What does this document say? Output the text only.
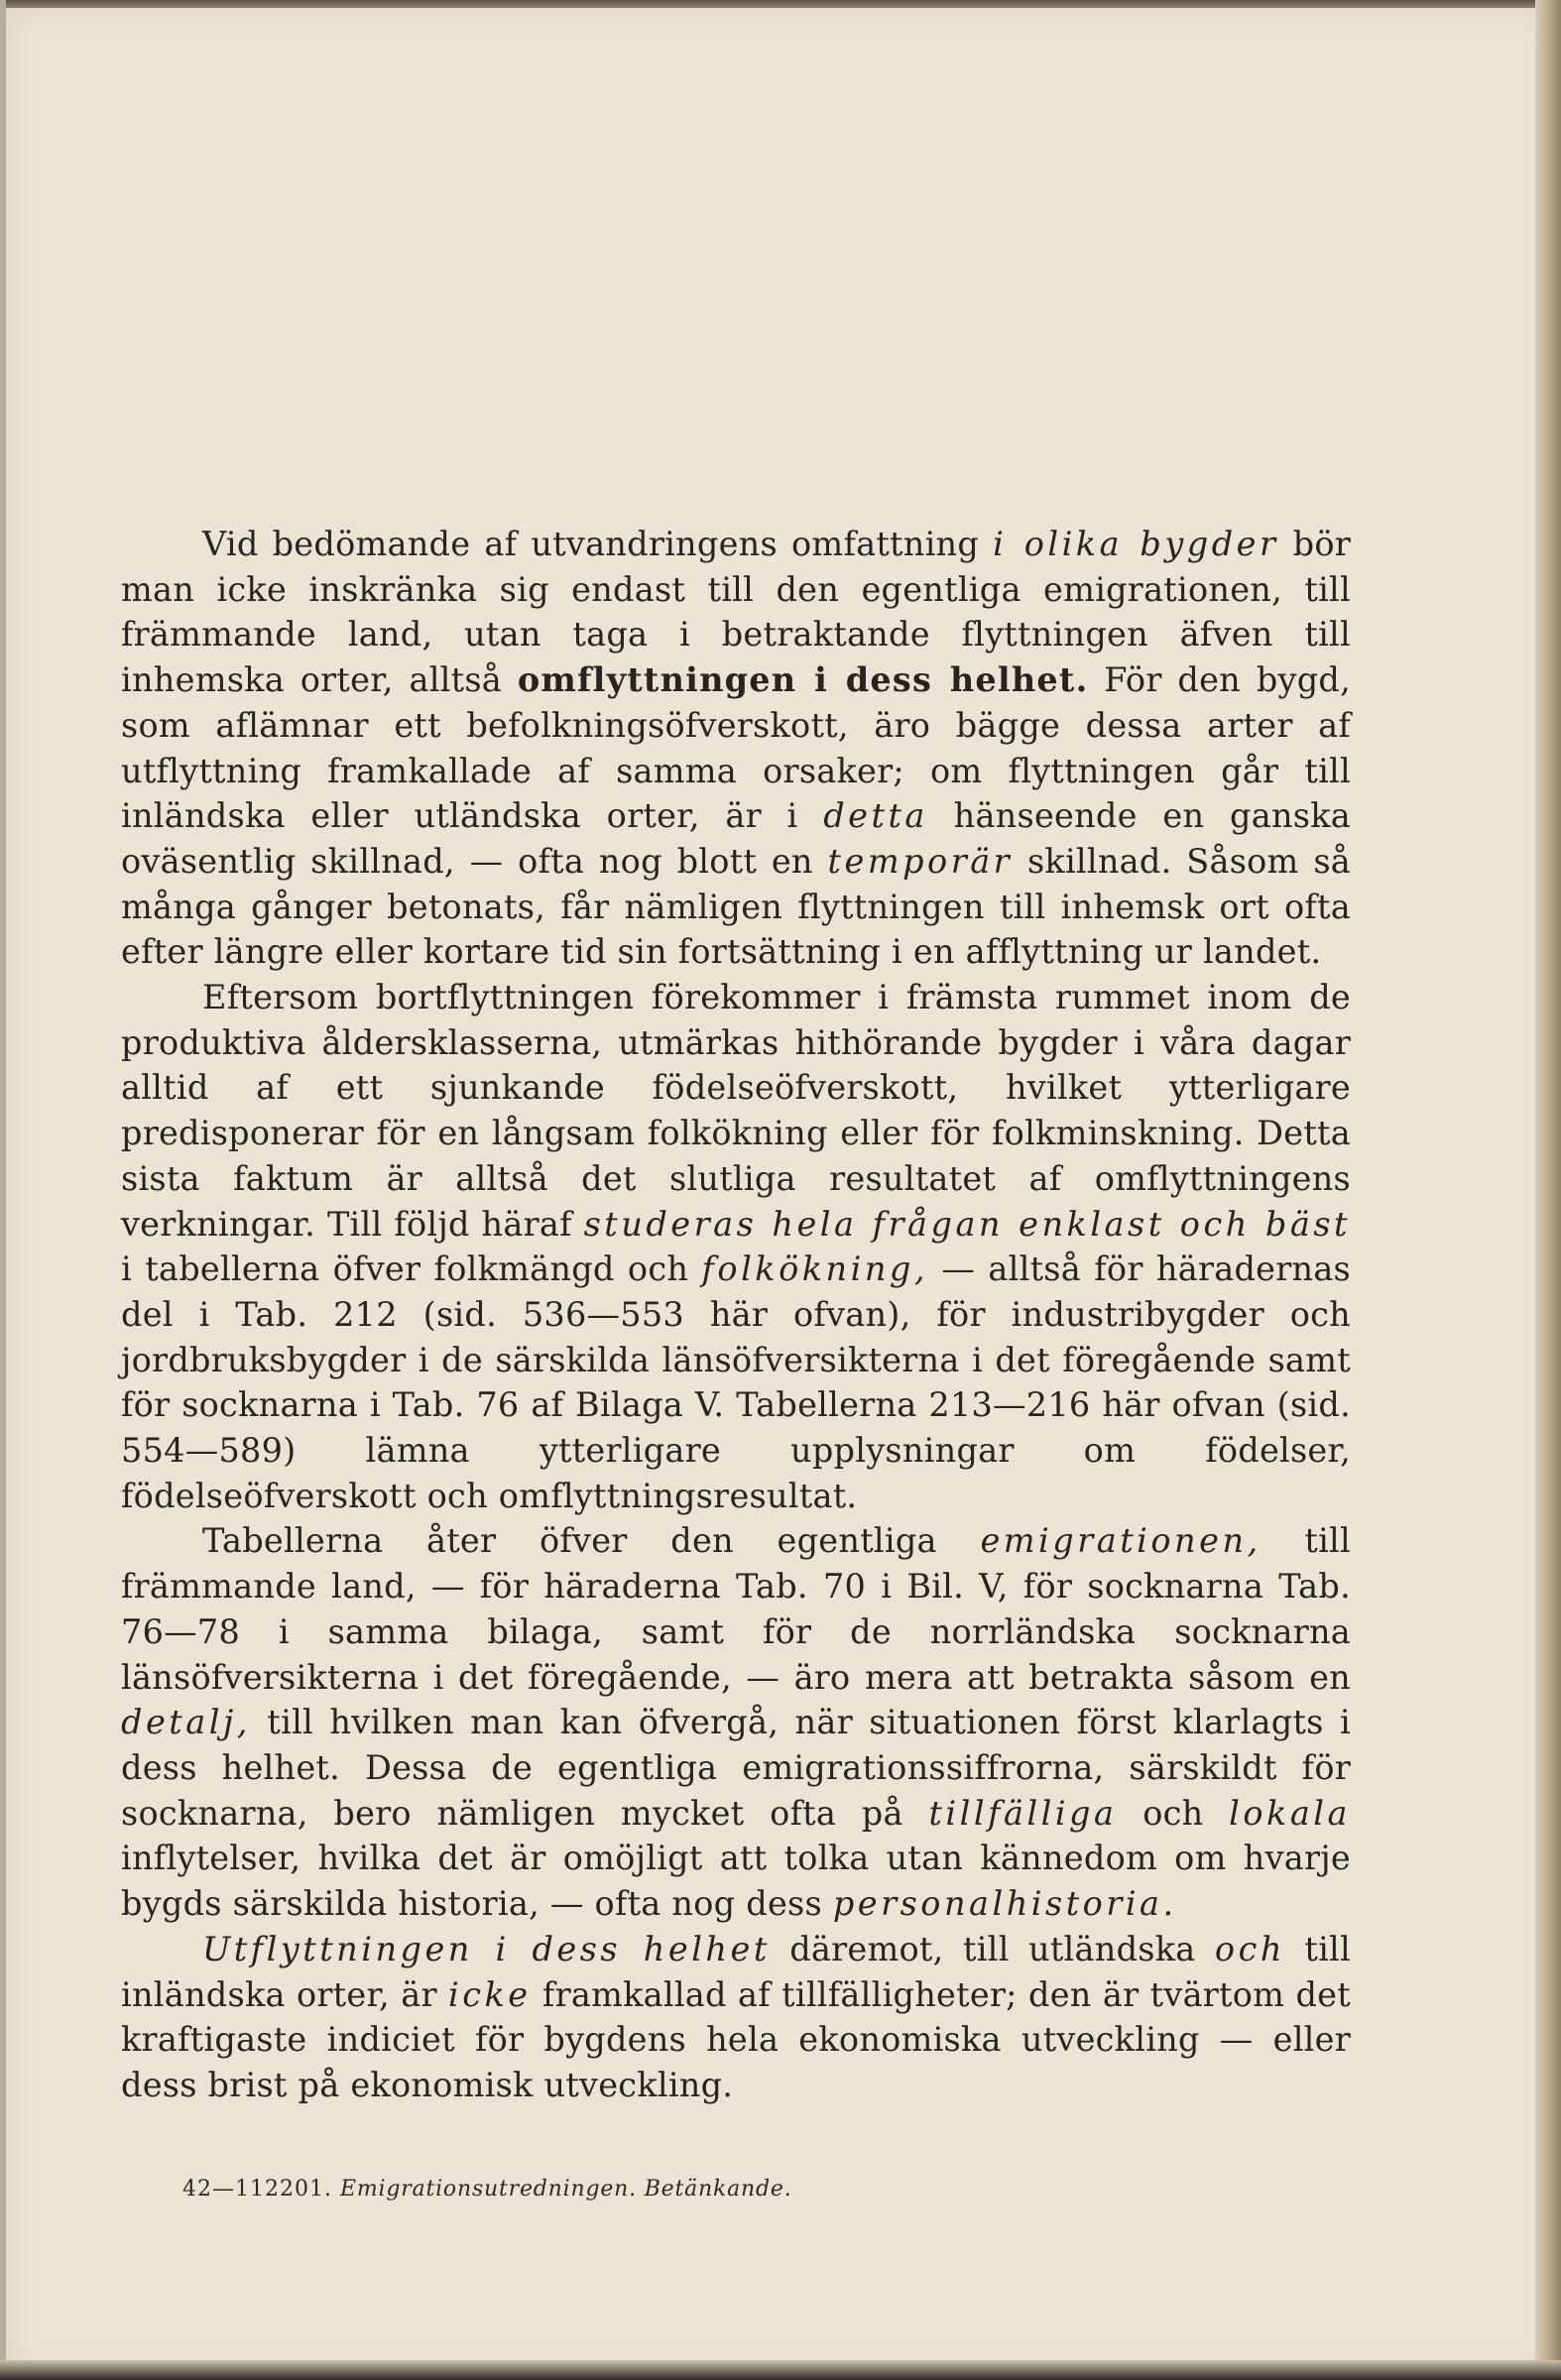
Vid bedömande af utvandringens omfattning i olika bygder bör man icke inskränka sig endast till den egentliga emigrationen, till främmande land, utan taga i betraktande flyttningen äfven till inhemska orter, alltså omflyttningen i dess helhet. För den bygd, som aflämnar ett befolkningsöfverskott, äro bägge dessa arter af utflyttning framkallade af samma orsaker; om flyttningen går till inländska eller utländska orter, är i detta hänseende en ganska oväsentlig skillnad, — ofta nog blott en temporär skillnad. Såsom så många gånger betonats, får nämligen flyttningen till inhemsk ort ofta efter längre eller kortare tid sin fortsättning i en afflyttning ur landet.

Eftersom bortflyttningen förekommer i främsta rummet inom de produktiva åldersklasserna, utmärkas hithörande bygder i våra dagar alltid af ett sjunkande födelseöfverskott, hvilket ytterligare predisponerar för en långsam folkökning eller för folkminskning. Detta sista faktum är alltså det slutliga resultatet af omflyttningens verkningar. Till följd häraf studeras hela frågan enklast och bäst i tabellerna öfver folkmängd och folkökning, — alltså för häradernas del i Tab. 212 (sid. 536—553 här ofvan), för industribygder och jordbruksbygder i de särskilda länsöfversikterna i det föregående samt för socknarna i Tab. 76 af Bilaga V. Tabellerna 213—216 här ofvan (sid. 554—589) lämna ytterligare upplysningar om födelser, födelseöfverskott och omflyttningsresultat.

Tabellerna åter öfver den egentliga emigrationen, till främmande land, — för häraderna Tab. 70 i Bil. V, för socknarna Tab. 76—78 i samma bilaga, samt för de norrländska socknarna länsöfversikterna i det föregående, — äro mera att betrakta såsom en detalj, till hvilken man kan öfvergå, när situationen först klarlagts i dess helhet. Dessa de egentliga emigrationssiffrorna, särskildt för socknarna, bero nämligen mycket ofta på tillfälliga och lokala inflytelser, hvilka det är omöjligt att tolka utan kännedom om hvarje bygds särskilda historia, — ofta nog dess personalhistoria.

Utflyttningen i dess helhet däremot, till utländska och till inländska orter, är icke framkallad af tillfälligheter; den är tvärtom det kraftigaste indiciet för bygdens hela ekonomiska utveckling — eller dess brist på ekonomisk utveckling.

42—112201. Emigrationsutredningen. Betänkande.
